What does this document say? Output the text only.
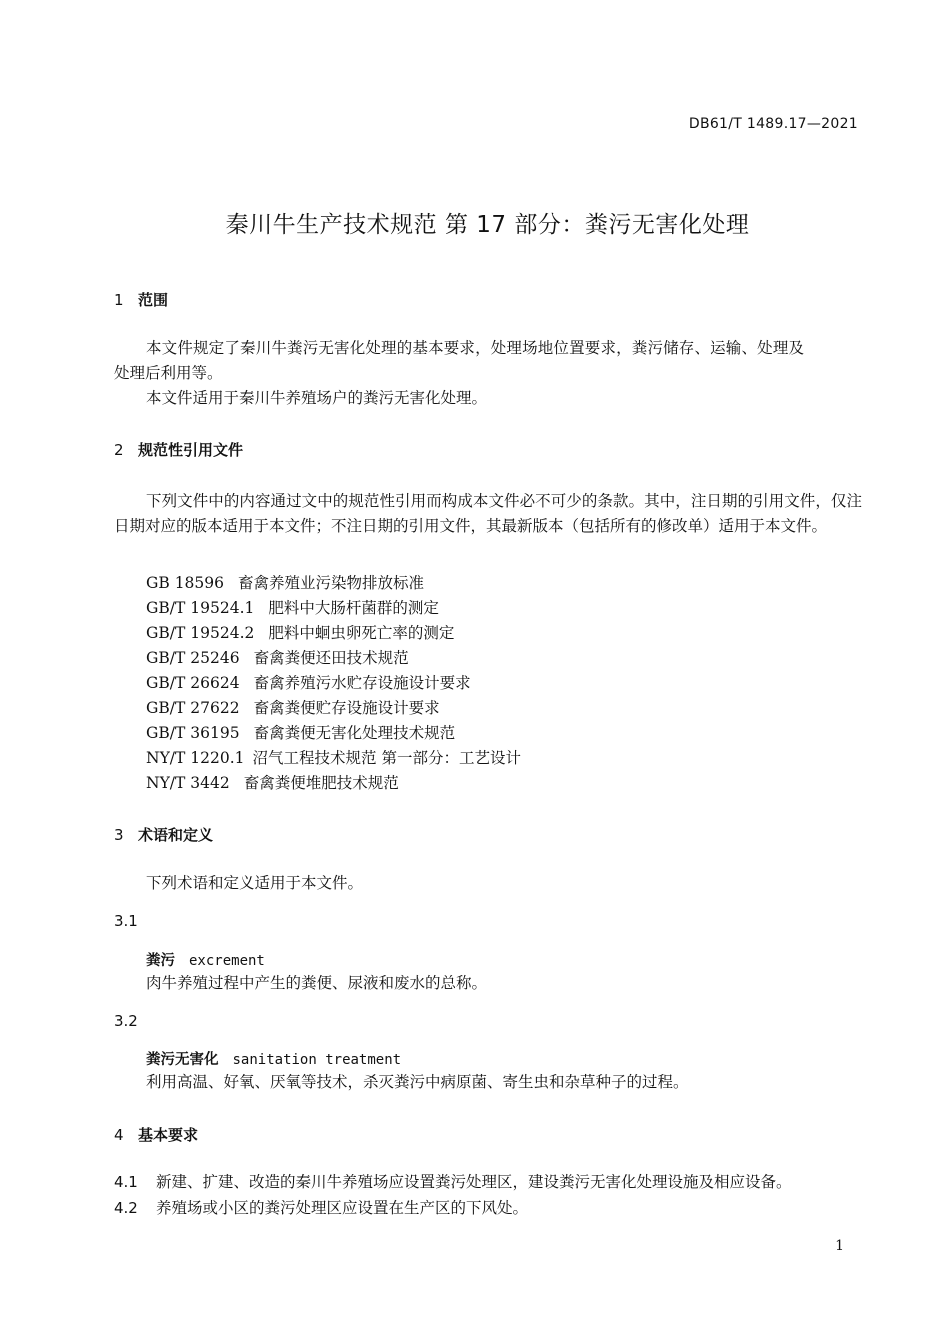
DB61/T 1489.17—2021
秦川牛生产技术规范 第 17 部分：粪污无害化处理
1 范围
本文件规定了秦川牛粪污无害化处理的基本要求，处理场地位置要求，粪污储存、运输、处理及处理后利用等。
本文件适用于秦川牛养殖场户的粪污无害化处理。
2 规范性引用文件
下列文件中的内容通过文中的规范性引用而构成本文件必不可少的条款。其中，注日期的引用文件，仅注日期对应的版本适用于本文件；不注日期的引用文件，其最新版本（包括所有的修改单）适用于本文件。
GB 18596 畜禽养殖业污染物排放标准
GB/T 19524.1 肥料中大肠杆菌群的测定
GB/T 19524.2 肥料中蛔虫卵死亡率的测定
GB/T 25246 畜禽粪便还田技术规范
GB/T 26624 畜禽养殖污水贮存设施设计要求
GB/T 27622 畜禽粪便贮存设施设计要求
GB/T 36195 畜禽粪便无害化处理技术规范
NY/T 1220.1 沼气工程技术规范 第一部分：工艺设计
NY/T 3442 畜禽粪便堆肥技术规范
3 术语和定义
下列术语和定义适用于本文件。
3.1
粪污 excrement
肉牛养殖过程中产生的粪便、尿液和废水的总称。
3.2
粪污无害化 sanitation treatment
利用高温、好氧、厌氧等技术，杀灭粪污中病原菌、寄生虫和杂草种子的过程。
4 基本要求
4.1 新建、扩建、改造的秦川牛养殖场应设置粪污处理区，建设粪污无害化处理设施及相应设备。
4.2 养殖场或小区的粪污处理区应设置在生产区的下风处。
1
